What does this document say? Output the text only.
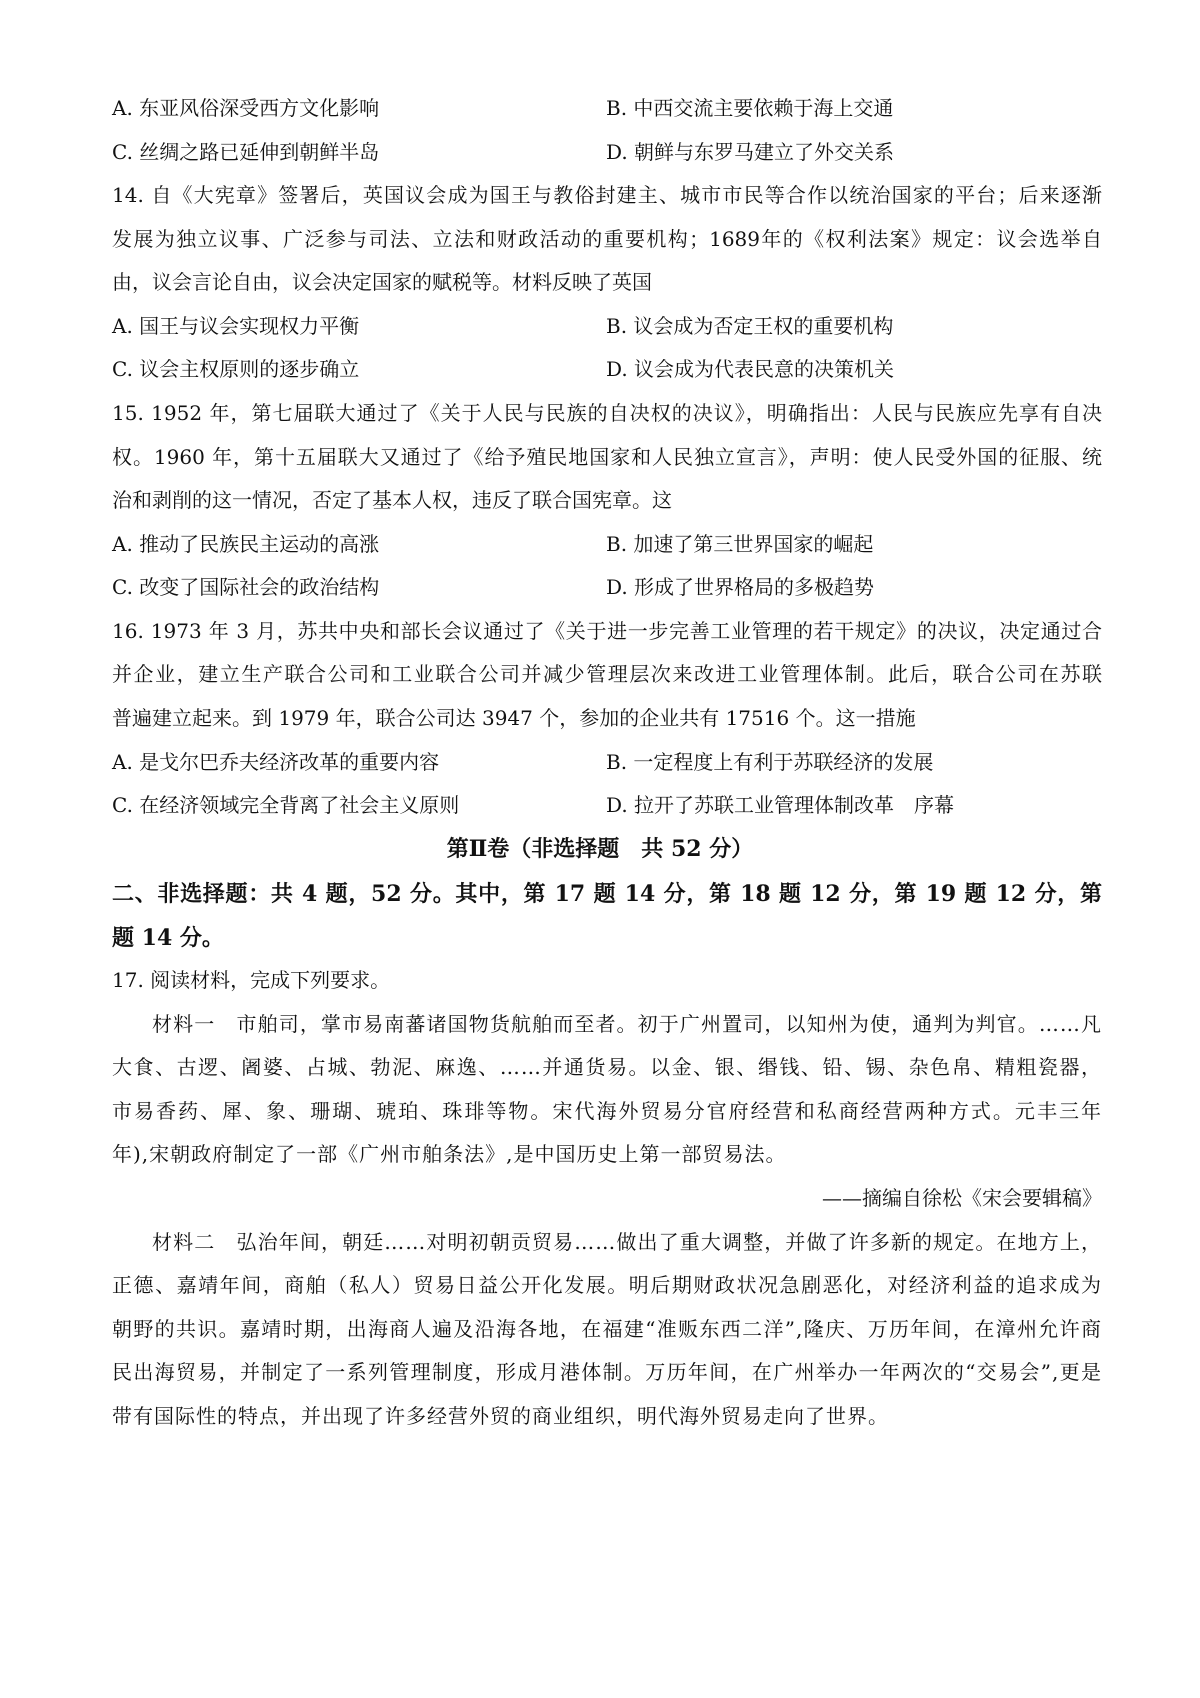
A. 东亚风俗深受西方文化影响	B. 中西交流主要依赖于海上交通
C. 丝绸之路已延伸到朝鲜半岛	D. 朝鲜与东罗马建立了外交关系
14. 自《大宪章》签署后，英国议会成为国王与教俗封建主、城市市民等合作以统治国家的平台；后来逐渐
发展为独立议事、广泛参与司法、立法和财政活动的重要机构；1689年的《权利法案》规定：议会选举自
由，议会言论自由，议会决定国家的赋税等。材料反映了英国
A. 国王与议会实现权力平衡	B. 议会成为否定王权的重要机构
C. 议会主权原则的逐步确立	D. 议会成为代表民意的决策机关
15. 1952 年，第七届联大通过了《关于人民与民族的自决权的决议》，明确指出：人民与民族应先享有自决
权。1960 年，第十五届联大又通过了《给予殖民地国家和人民独立宣言》，声明：使人民受外国的征服、统
治和剥削的这一情况，否定了基本人权，违反了联合国宪章。这
A. 推动了民族民主运动的高涨	B. 加速了第三世界国家的崛起
C. 改变了国际社会的政治结构	D. 形成了世界格局的多极趋势
16. 1973 年 3 月，苏共中央和部长会议通过了《关于进一步完善工业管理的若干规定》的决议，决定通过合
并企业，建立生产联合公司和工业联合公司并减少管理层次来改进工业管理体制。此后，联合公司在苏联
普遍建立起来。到 1979 年，联合公司达 3947 个，参加的企业共有 17516 个。这一措施
A. 是戈尔巴乔夫经济改革的重要内容	B. 一定程度上有利于苏联经济的发展
C. 在经济领域完全背离了社会主义原则	D. 拉开了苏联工业管理体制改革　序幕
第Ⅱ卷（非选择题　共 52 分）
二、非选择题：共 4 题，52 分。其中，第 17 题 14 分，第 18 题 12 分，第 19 题 12 分，第
题 14 分。
17. 阅读材料，完成下列要求。
材料一　市舶司，掌市易南蕃诸国物货航舶而至者。初于广州置司，以知州为使，通判为判官。……凡
大食、古逻、阇婆、占城、勃泥、麻逸、……并通货易。以金、银、缗钱、铅、锡、杂色帛、精粗瓷器，
市易香药、犀、象、珊瑚、琥珀、珠琲等物。宋代海外贸易分官府经营和私商经营两种方式。元丰三年
年),宋朝政府制定了一部《广州市舶条法》,是中国历史上第一部贸易法。
——摘编自徐松《宋会要辑稿》
材料二　弘治年间，朝廷……对明初朝贡贸易……做出了重大调整，并做了许多新的规定。在地方上，
正德、嘉靖年间，商舶（私人）贸易日益公开化发展。明后期财政状况急剧恶化，对经济利益的追求成为
朝野的共识。嘉靖时期，出海商人遍及沿海各地，在福建“准贩东西二洋”,隆庆、万历年间，在漳州允许商
民出海贸易，并制定了一系列管理制度，形成月港体制。万历年间，在广州举办一年两次的“交易会”,更是
带有国际性的特点，并出现了许多经营外贸的商业组织，明代海外贸易走向了世界。
